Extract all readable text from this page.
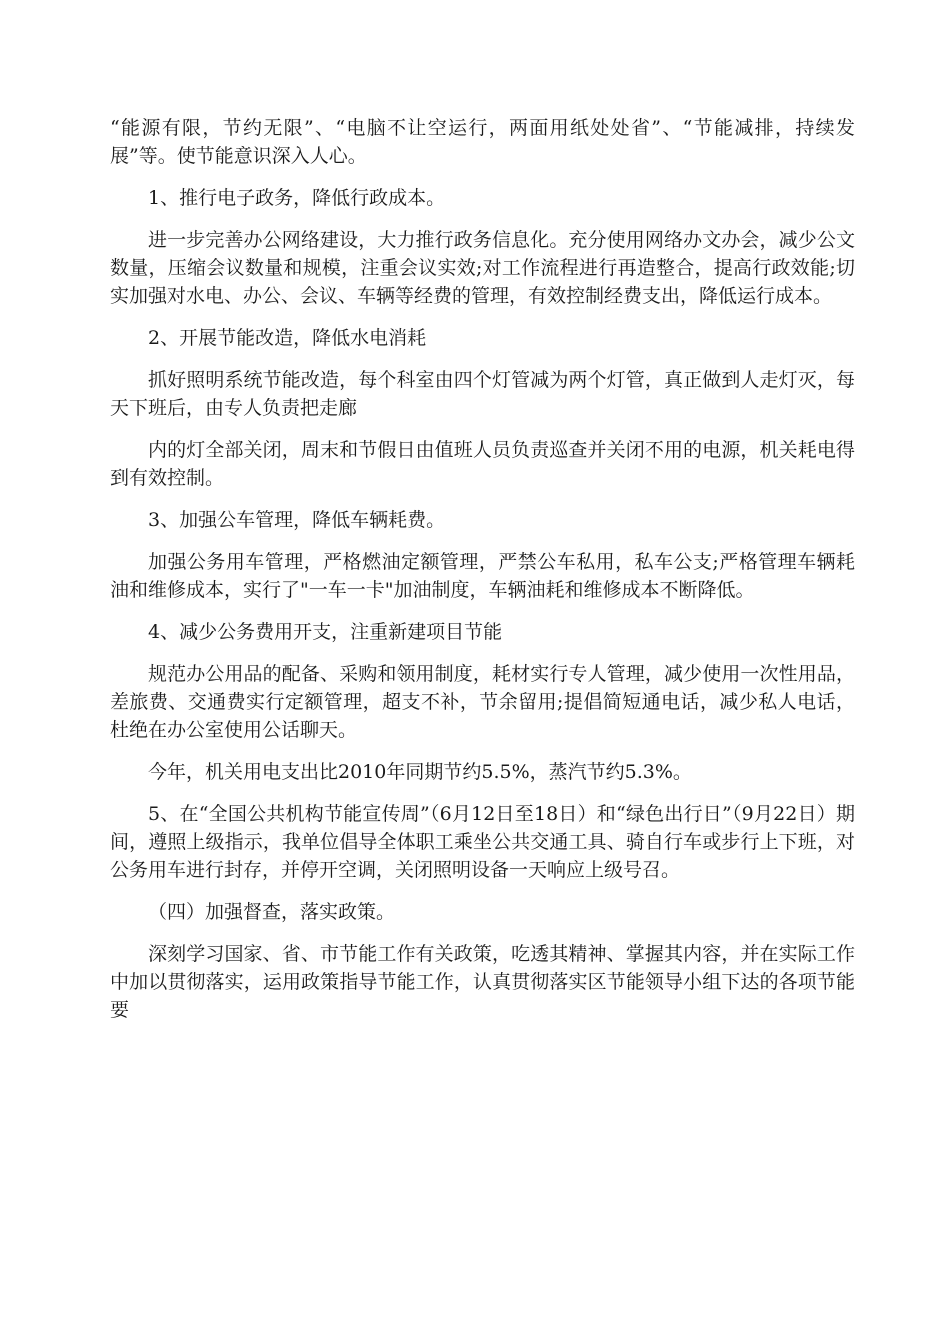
“能源有限，节约无限”、“电脑不让空运行，两面用纸处处省”、“节能减排，持续发展”等。使节能意识深入人心。

1、推行电子政务，降低行政成本。

进一步完善办公网络建设，大力推行政务信息化。充分使用网络办文办会，减少公文数量，压缩会议数量和规模，注重会议实效;对工作流程进行再造整合，提高行政效能;切实加强对水电、办公、会议、车辆等经费的管理，有效控制经费支出，降低运行成本。

2、开展节能改造，降低水电消耗

抓好照明系统节能改造，每个科室由四个灯管减为两个灯管，真正做到人走灯灭，每天下班后，由专人负责把走廊

内的灯全部关闭，周末和节假日由值班人员负责巡查并关闭不用的电源，机关耗电得到有效控制。

3、加强公车管理，降低车辆耗费。

加强公务用车管理，严格燃油定额管理，严禁公车私用，私车公支;严格管理车辆耗油和维修成本，实行了"一车一卡"加油制度，车辆油耗和维修成本不断降低。

4、减少公务费用开支，注重新建项目节能

规范办公用品的配备、采购和领用制度，耗材实行专人管理，减少使用一次性用品，差旅费、交通费实行定额管理，超支不补，节余留用;提倡简短通电话，减少私人电话，杜绝在办公室使用公话聊天。

今年，机关用电支出比2010年同期节约5.5%，蒸汽节约5.3%。

5、在“全国公共机构节能宣传周”（6月12日至18日）和“绿色出行日”（9月22日）期间，遵照上级指示，我单位倡导全体职工乘坐公共交通工具、骑自行车或步行上下班，对公务用车进行封存，并停开空调，关闭照明设备一天响应上级号召。

（四）加强督查，落实政策。

深刻学习国家、省、市节能工作有关政策，吃透其精神、掌握其内容，并在实际工作中加以贯彻落实，运用政策指导节能工作，认真贯彻落实区节能领导小组下达的各项节能要
